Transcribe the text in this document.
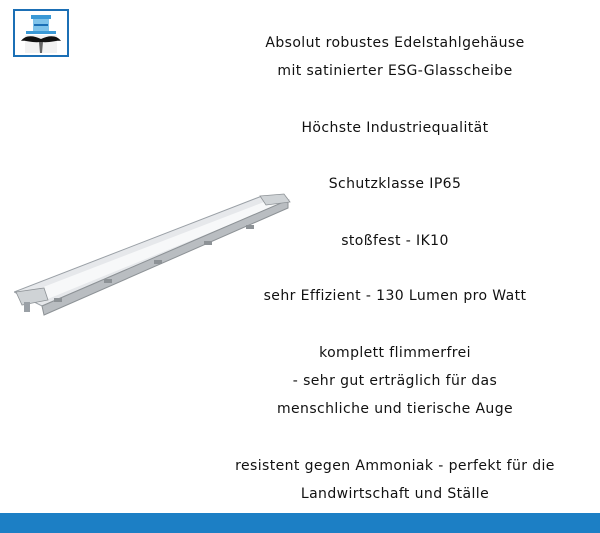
Absolut robustes Edelstahlgehäuse
mit satinierter ESG-Glasscheibe
Höchste Industriequalität
Schutzklasse IP65
stoßfest - IK10
sehr Effizient - 130 Lumen pro Watt
komplett flimmerfrei
- sehr gut erträglich für das
menschliche und tierische Auge
resistent gegen Ammoniak - perfekt für die
Landwirtschaft und Ställe
